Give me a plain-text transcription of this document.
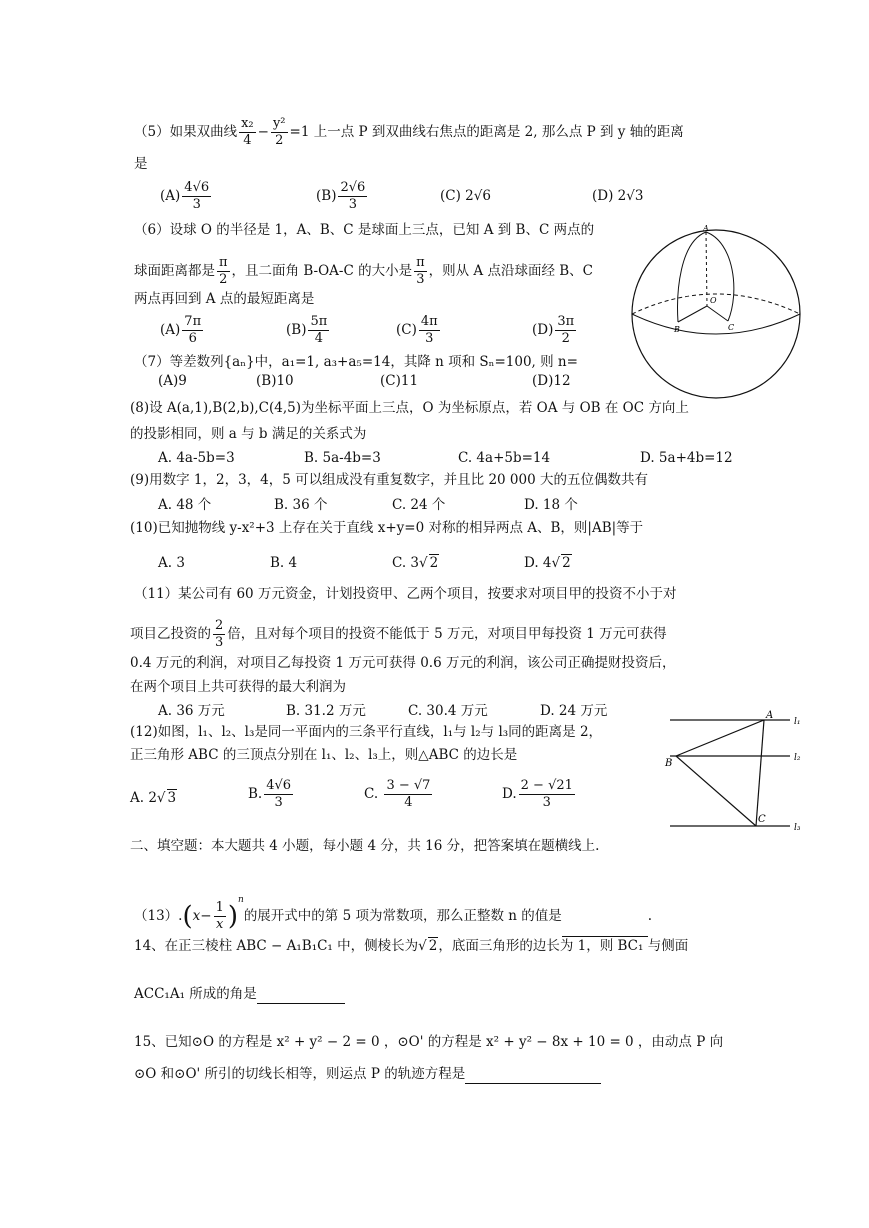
（5）如果双曲线 $\frac{\text{x₂}}{4} - \frac{\text{y²}}{2} =1$ 上一点 P 到双曲线右焦点的距离是 2, 那么点 P 到 y 轴的距离
是
$(A) \frac{4√6}{3}$	$(B) \frac{2√6}{3}$	(C) 2√6	(D) 2√3
（6）设球 O 的半径是 1，A、B、C 是球面上三点，已知 A 到 B、C 两点的
球面距离都是 $\frac{\pi}{2}$ ，且二面角 B-OA-C 的大小是 $\frac{\pi}{3}$ ，则从 A 点沿球面经 B、C
两点再回到 A 点的最短距离是
$(A) \frac{7\pi}{6}$	$(B) \frac{5\pi}{4}$	$(C) \frac{4\pi}{3}$	$(D) \frac{3\pi}{2}$
A
O
B	C
（7）等差数列{aₙ}中，a₁=1, a₃+a₅=14，其降 n 项和 Sₙ=100, 则 n=
(A)9	(B)10	(C)11	(D)12
(8)设 A(a,1),B(2,b),C(4,5)为坐标平面上三点，O 为坐标原点，若 OA 与 OB 在 OC 方向上
的投影相同，则 a 与 b 满足的关系式为
A. 4a-5b=3	B. 5a-4b=3	C. 4a+5b=14	D. 5a+4b=12
(9)用数字 1，2，3，4，5 可以组成没有重复数字，并且比 20 000 大的五位偶数共有
A. 48 个	B. 36 个	C. 24 个	D. 18 个
(10)已知抛物线 y-x²+3 上存在关于直线 x+y=0 对称的相异两点 A、B，则|AB|等于
A. 3	B. 4	C. 3√ 2	D. 4√ 2
（11）某公司有 60 万元资金，计划投资甲、乙两个项目，按要求对项目甲的投资不小于对
项目乙投资的 $\frac{2}{3}$ 倍，且对每个项目的投资不能低于 5 万元，对项目甲每投资 1 万元可获得
0.4 万元的利润，对项目乙每投资 1 万元可获得 0.6 万元的利润，该公司正确提财投资后，
在两个项目上共可获得的最大利润为
A. 36 万元	B. 31.2 万元	C. 30.4 万元	D. 24 万元
(12)如图，l₁、l₂、l₃是同一平面内的三条平行直线，l₁与 l₂与 l₃同的距离是 2，
正三角形 ABC 的三顶点分别在 l₁、l₂、l₃上，则△ABC 的边长是
A. 2√ 3	B. $\frac{4√6}{3}$	C. $\frac{3 - √7}{4}$	D. $\frac{2 - √21}{3}$
A
B
C
l₁
l₂
l₃
二、填空题：本大题共 4 小题，每小题 4 分，共 16 分，把答案填在题横线上.
$(13).(x- \frac{1}{x} )^n$的展开式中的第 5 项为常数项，那么正整数 n 的值是	.
14、在正三棱柱 ABC − A₁B₁C₁ 中，侧棱长为√ 2，底面三角形的边长为 1，则 BC₁ 与侧面
ACC₁A₁ 所成的角是
15、已知⊙O 的方程是 x² + y² − 2 = 0 ，⊙O' 的方程是 x² + y² − 8x + 10 = 0 ，由动点 P 向
⊙O 和⊙O' 所引的切线长相等，则运点 P 的轨迹方程是
